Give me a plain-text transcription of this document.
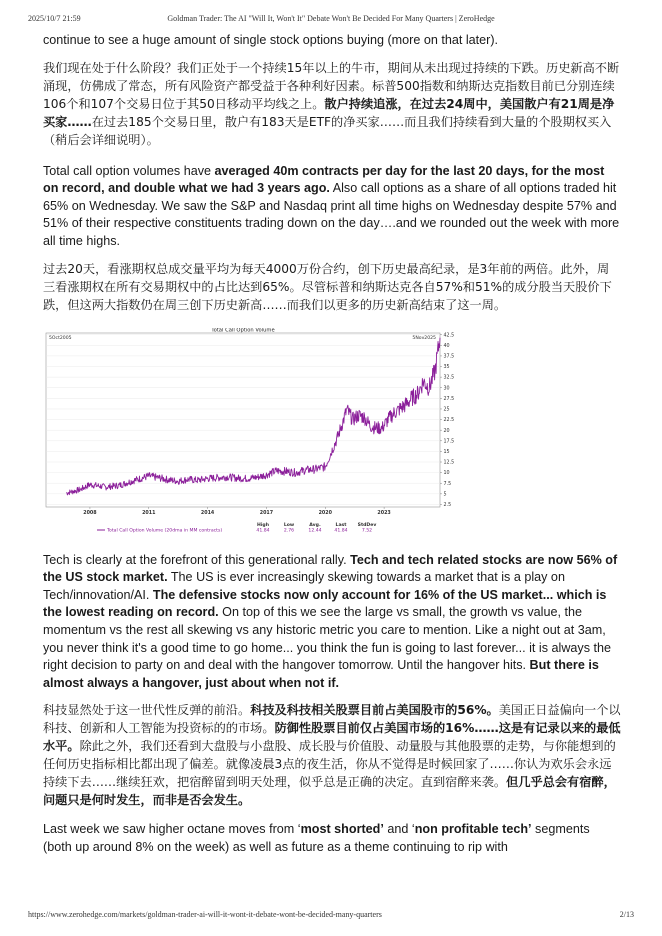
2025/10/7 21:59	Goldman Trader: The AI "Will It, Won't It" Debate Won't Be Decided For Many Quarters | ZeroHedge

continue to see a huge amount of single stock options buying (more on that later).

我们现在处于什么阶段？我们正处于一个持续15年以上的牛市，期间从未出现过持续的下跌。历史新高不断涌现，仿佛成了常态，所有风险资产都受益于各种利好因素。标普500指数和纳斯达克指数目前已分别连续106个和107个交易日位于其50日移动平均线之上。散户持续追涨，在过去24周中，美国散户有21周是净买家……在过去185个交易日里，散户有183天是ETF的净买家……而且我们持续看到大量的个股期权买入（稍后会详细说明）。

Total call option volumes have averaged 40m contracts per day for the last 20 days, for the most on record, and double what we had 3 years ago. Also call options as a share of all options traded hit 65% on Wednesday. We saw the S&P and Nasdaq print all time highs on Wednesday despite 57% and 51% of their respective constituents trading down on the day….and we rounded out the week with more all time highs.

过去20天，看涨期权总成交量平均为每天4000万份合约，创下历史最高纪录，是3年前的两倍。此外，周三看涨期权在所有交易期权中的占比达到65%。尽管标普和纳斯达克各自57%和51%的成分股当天股价下跌，但这两大指数仍在周三创下历史新高……而我们以更多的历史新高结束了这一周。

2.5
5
7.5
10
12.5
15
17.5
20
22.5
25
27.5
30
32.5
35
37.5
40
42.5
2008	2011	2014	2017	2020	2023
Total Call Option Volume
5Oct2005	5Nov2025
Total Call Option Volume (20dma in MM contracts)
High
41.84
Low
2.76
Avg.
12.44
Last
41.84
StdDev
7.52

Tech is clearly at the forefront of this generational rally. Tech and tech related stocks are now 56% of the US stock market. The US is ever increasingly skewing towards a market that is a play on Tech/innovation/AI. The defensive stocks now only account for 16% of the US market... which is the lowest reading on record. On top of this we see the large vs small, the growth vs value, the momentum vs the rest all skewing vs any historic metric you care to mention. Like a night out at 3am, you never think it's a good time to go home... you think the fun is going to last forever... it is always the right decision to party on and deal with the hangover tomorrow. Until the hangover hits. But there is almost always a hangover, just about when not if.

科技显然处于这一世代性反弹的前沿。科技及科技相关股票目前占美国股市的56%。美国正日益偏向一个以科技、创新和人工智能为投资标的的市场。防御性股票目前仅占美国市场的16%……这是有记录以来的最低水平。除此之外，我们还看到大盘股与小盘股、成长股与价值股、动量股与其他股票的走势，与你能想到的任何历史指标相比都出现了偏差。就像凌晨3点的夜生活，你从不觉得是时候回家了……你认为欢乐会永远持续下去……继续狂欢，把宿醉留到明天处理，似乎总是正确的决定。直到宿醉来袭。但几乎总会有宿醉，问题只是何时发生，而非是否会发生。

Last week we saw higher octane moves from ‘most shorted’ and ‘non profitable tech’ segments (both up around 8% on the week) as well as future as a theme continuing to rip with

https://www.zerohedge.com/markets/goldman-trader-ai-will-it-wont-it-debate-wont-be-decided-many-quarters	2/13
